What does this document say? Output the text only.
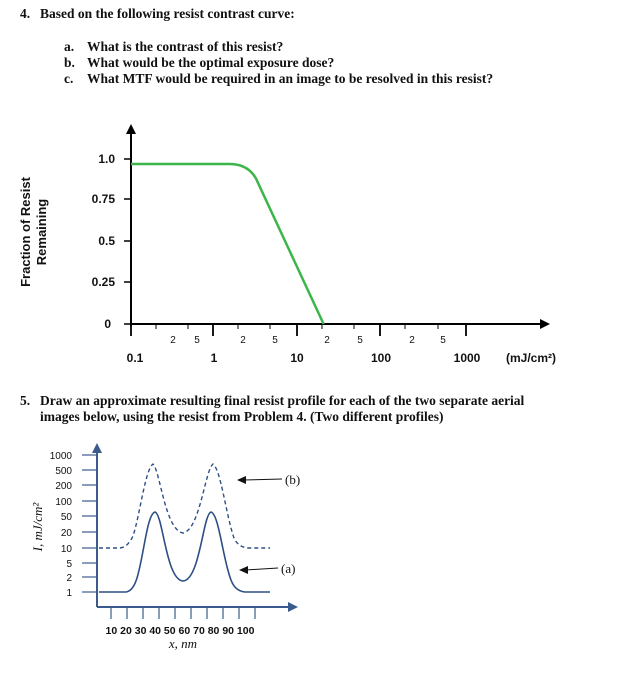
4. Based on the following resist contrast curve:
a. What is the contrast of this resist?
b. What would be the optimal exposure dose?
c. What MTF would be required in an image to be resolved in this resist?
Fraction of Resist Remaining
1.0
0.75
0.5
0.25
0
2 5	2	5	2	5	2	5
0.1	1	10	100	1000 (mJ/cm²)
5. Draw an approximate resulting final resist profile for each of the two separate aerial
images below, using the resist from Problem 4. (Two different profiles)
I, mJ/cm²
1000
500
200
100
50
20
10
5
2
1
10 20 30 40 50 60 70 80 90 100
x, nm
(b)
(a)
